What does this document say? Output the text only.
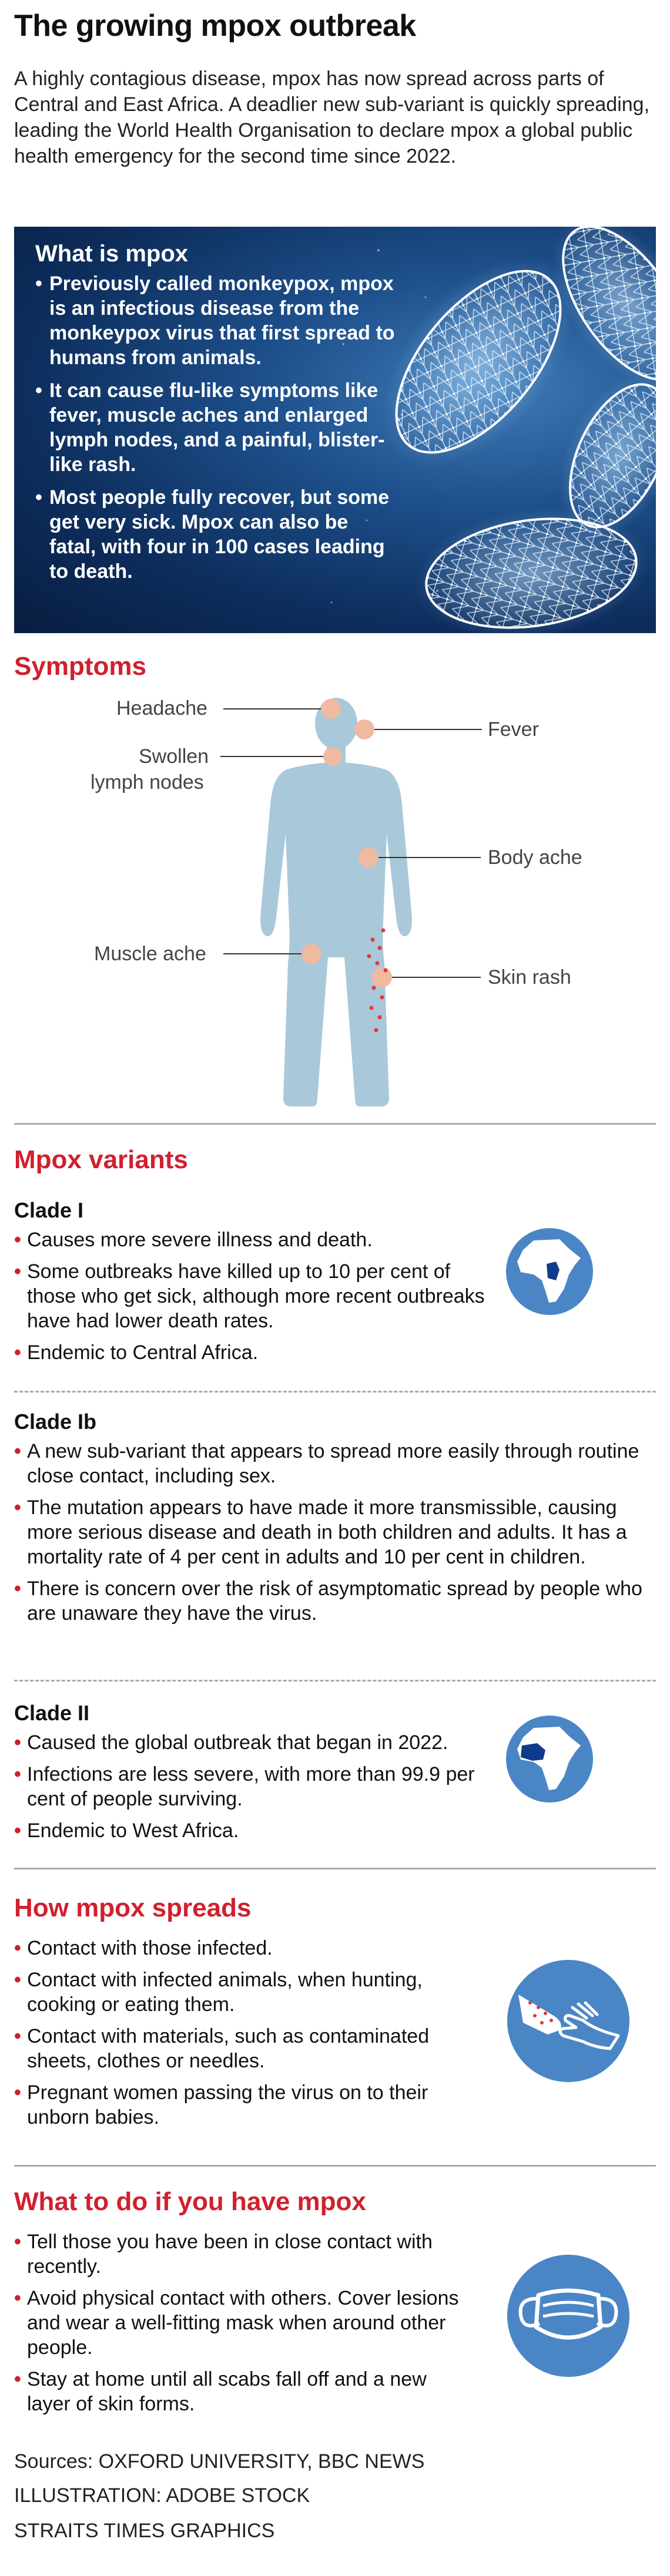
The growing mpox outbreak

A highly contagious disease, mpox has now spread across parts of Central and East Africa. A deadlier new sub-variant is quickly spreading, leading the World Health Organisation to declare mpox a global public health emergency for the second time since 2022.

What is mpox
• Previously called monkeypox, mpox is an infectious disease from the monkeypox virus that first spread to humans from animals.
• It can cause flu-like symptoms like fever, muscle aches and enlarged lymph nodes, and a painful, blister-like rash.
• Most people fully recover, but some get very sick. Mpox can also be fatal, with four in 100 cases leading to death.
Symptoms
Headache
Fever
Swollen
lymph nodes
Body ache
Muscle ache
Skin rash
Mpox variants
Clade I
• Causes more severe illness and death.
• Some outbreaks have killed up to 10 per cent of those who get sick, although more recent outbreaks have had lower death rates.
• Endemic to Central Africa.
Clade Ib
• A new sub-variant that appears to spread more easily through routine close contact, including sex.
• The mutation appears to have made it more transmissible, causing more serious disease and death in both children and adults. It has a mortality rate of 4 per cent in adults and 10 per cent in children.
• There is concern over the risk of asymptomatic spread by people who are unaware they have the virus.
Clade II
• Caused the global outbreak that began in 2022.
• Infections are less severe, with more than 99.9 per cent of people surviving.
• Endemic to West Africa.
How mpox spreads
• Contact with those infected.
• Contact with infected animals, when hunting, cooking or eating them.
• Contact with materials, such as contaminated sheets, clothes or needles.
• Pregnant women passing the virus on to their unborn babies.
What to do if you have mpox
• Tell those you have been in close contact with recently.
• Avoid physical contact with others. Cover lesions and wear a well-fitting mask when around other people.
• Stay at home until all scabs fall off and a new layer of skin forms.

Sources: OXFORD UNIVERSITY, BBC NEWS

ILLUSTRATION: ADOBE STOCK

STRAITS TIMES GRAPHICS
